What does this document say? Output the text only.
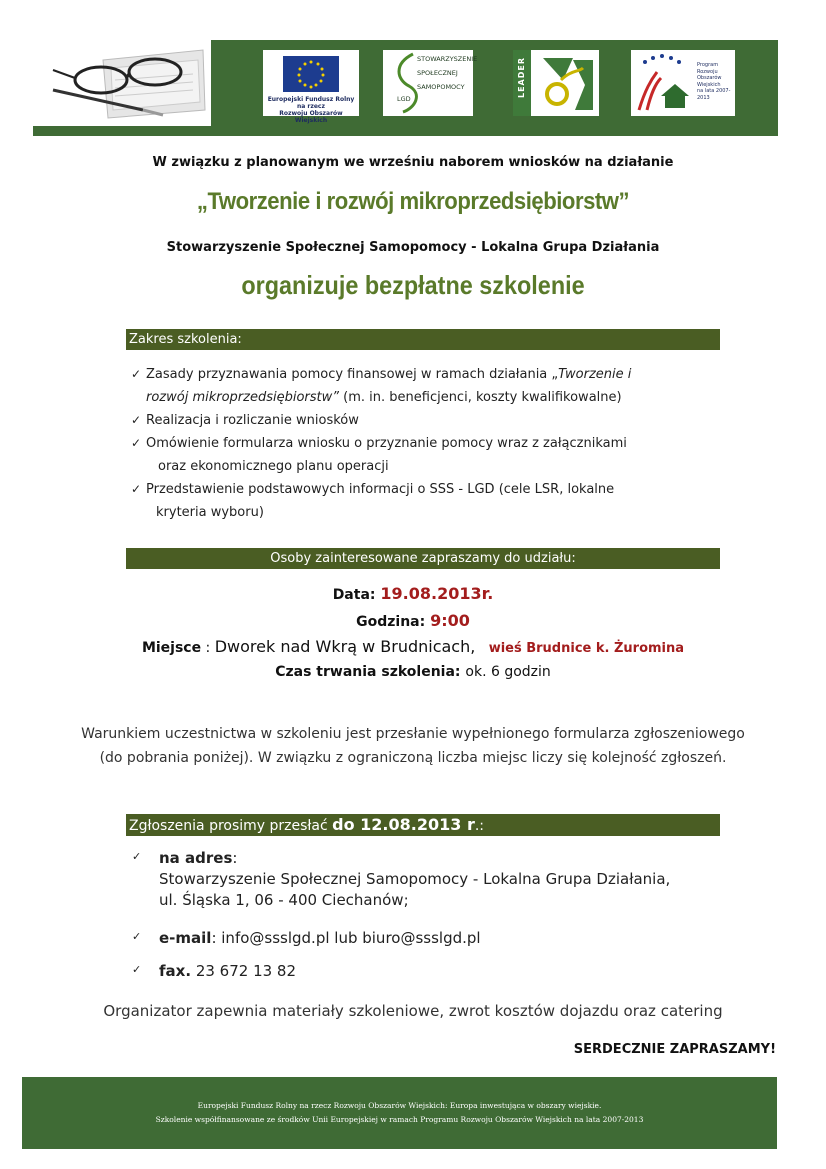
Europejski Fundusz Rolny
na rzecz
Rozwoju Obszarów Wiejskich
STOWARZYSZENIE
SPOŁECZNEJ
SAMOPOMOCY
LGD
LEADER	Program
Rozwoju
Obszarów
Wiejskich
na lata 2007-2013
W związku z planowanym we wrześniu naborem wniosków na działanie
„Tworzenie i rozwój mikroprzedsiębiorstw”
Stowarzyszenie Społecznej Samopomocy - Lokalna Grupa Działania
organizuje bezpłatne szkolenie
Zakres szkolenia:
✓ Zasady przyznawania pomocy finansowej w ramach działania „Tworzenie i
rozwój mikroprzedsiębiorstw” (m. in. beneficjenci, koszty kwalifikowalne)
✓ Realizacja i rozliczanie wniosków
✓ Omówienie formularza wniosku o przyznanie pomocy wraz z załącznikami
oraz ekonomicznego planu operacji
✓ Przedstawienie podstawowych informacji o SSS - LGD (cele LSR, lokalne
kryteria wyboru)
Osoby zainteresowane zapraszamy do udziału:
Data: 19.08.2013r.
Godzina: 9:00
Miejsce : Dworek nad Wkrą w Brudnicach, wieś Brudnice k. Żuromina
Czas trwania szkolenia: ok. 6 godzin
Warunkiem uczestnictwa w szkoleniu jest przesłanie wypełnionego formularza zgłoszeniowego
(do pobrania poniżej). W związku z ograniczoną liczba miejsc liczy się kolejność zgłoszeń.
Zgłoszenia prosimy przesłać do 12.08.2013 r.:
✓ na adres:
Stowarzyszenie Społecznej Samopomocy - Lokalna Grupa Działania,
ul. Śląska 1, 06 - 400 Ciechanów;
✓ e-mail: info@ssslgd.pl lub biuro@ssslgd.pl
✓ fax. 23 672 13 82
Organizator zapewnia materiały szkoleniowe, zwrot kosztów dojazdu oraz catering
SERDECZNIE ZAPRASZAMY!
Europejski Fundusz Rolny na rzecz Rozwoju Obszarów Wiejskich: Europa inwestująca w obszary wiejskie.
Szkolenie współfinansowane ze środków Unii Europejskiej w ramach Programu Rozwoju Obszarów Wiejskich na lata 2007-2013
